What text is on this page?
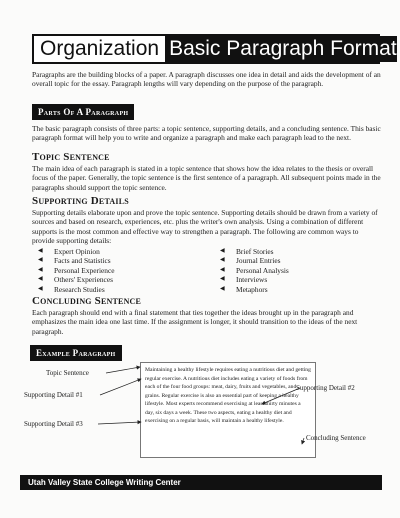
Organization Basic Paragraph Format
Paragraphs are the building blocks of a paper. A paragraph discusses one idea in detail and aids the development of an overall topic for the essay. Paragraph lengths will vary depending on the purpose of the paragraph.
Parts Of A Paragraph
The basic paragraph consists of three parts: a topic sentence, supporting details, and a concluding sentence. This basic paragraph format will help you to write and organize a paragraph and make each paragraph lead to the next.
Topic Sentence
The main idea of each paragraph is stated in a topic sentence that shows how the idea relates to the thesis or overall focus of the paper. Generally, the topic sentence is the first sentence of a paragraph. All subsequent points made in the paragraphs should support the topic sentence.
Supporting Details
Supporting details elaborate upon and prove the topic sentence. Supporting details should be drawn from a variety of sources and based on research, experiences, etc. plus the writer's own analysis. Using a combination of different supports is the most common and effective way to strengthen a paragraph. The following are common ways to provide supporting details:
◀	Expert Opinion
◀	Facts and Statistics
◀	Personal Experience
◀	Others' Experiences
◀	Research Studies
◀	Brief Stories
◀	Journal Entries
◀	Personal Analysis
◀	Interviews
◀	Metaphors
Concluding Sentence
Each paragraph should end with a final statement that ties together the ideas brought up in the paragraph and emphasizes the main idea one last time. If the assignment is longer, it should transition to the ideas of the next paragraph.
Example Paragraph
Maintaining a healthy lifestyle requires eating a nutritious diet and getting regular exercise. A nutritious diet includes eating a variety of foods from each of the four food groups: meat, dairy, fruits and vegetables, and grains. Regular exercise is also an essential part of keeping a healthy lifestyle. Most experts recommend exercising at least thirty minutes a day, six days a week. These two aspects, eating a healthy diet and exercising on a regular basis, will maintain a healthy lifestyle.
Topic Sentence
Supporting Detail #1
Supporting Detail #2
Supporting Detail #3
Concluding Sentence
Utah Valley State College Writing Center
